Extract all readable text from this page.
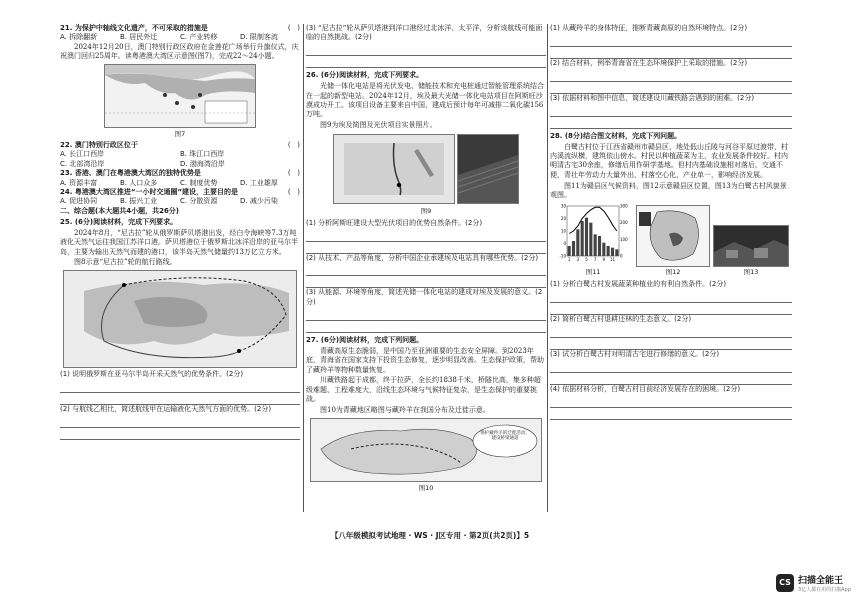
21. 为保护中轴线文化遗产，不可采取的措施是	(   )
A. 拆除翻新	B. 居民外迁	C. 产业转移	D. 限制客流

2024年12月20日，澳门特别行政区政府在金莲花广场举行升旗仪式，庆祝澳门回归25周年。读粤港澳大湾区示意图(图7)，完成22～24小题。

图7
22. 澳门特别行政区位于	(   )
A. 长江口西岸	B. 珠江口西岸
C. 北部湾沿岸	D. 渤海湾沿岸
23. 香港、澳门在粤港澳大湾区的独特优势是	(   )
A. 资源丰富	B. 人口众多	C. 制度优势	D. 工业雄厚
24. 粤港澳大湾区推进“一小时交通圈”建设，主要目的是	(   )
A. 促进协同	B. 振兴工业	C. 分散资源	D. 减少污染

二、综合题(本大题共4小题，共26分)

25. (6分)阅读材料，完成下列要求。

2024年8月，“尼古拉”轮从俄罗斯萨贝塔港出发，经白令海峡等7.3万吨液化天然气运往我国江苏洋口港。萨贝塔港位于俄罗斯北冰洋沿岸的亚马尔半岛，主要为输出天然气而建的港口，该半岛天然气储量约13万亿立方米。

图8示意“尼古拉”轮的航行路线。

(1) 说明俄罗斯在亚马尔半岛开采天然气的优势条件。(2分)

(2) 与航线乙相比，简述航线甲在运输液化天然气方面的优势。(2分)

(3) “尼古拉”轮从萨贝塔港到洋口港经过北冰洋、太平洋，分析该航线可能面临的自然挑战。(2分)

26. (6分)阅读材料，完成下列要求。

光储一体化电站是将光伏发电、储能技术和充电桩通过智能管理系统结合在一起的新型电站。2024年12月，埃及最大光储一体化电站项目在阿斯旺沙漠成功开工。该项目设备主要来自中国，建成后预计每年可减排二氧化碳156万吨。

图9为埃及简图及光伏项目实景照片。

图9

(1) 分析阿斯旺建设大型光伏项目的优势自然条件。(2分)

(2) 从技术、产品等角度，分析中国企业承建埃及电站具有哪些优势。(2分)

(3) 从能源、环境等角度，简述光储一体化电站的建成对埃及发展的意义。(2分)

27. (6分)阅读材料，完成下列问题。

青藏高原生态脆弱，是中国乃至亚洲重要的生态安全屏障。到2023年底，青海省在国家支持下投资生态修复，逐步明显改善。生态保护政策，帮助了藏羚羊等物种数量恢复。

川藏铁路起于成都，终于拉萨，全长约1838千米，桥隧比高，集多种超级难题、工程难度大，沿线生态环境与气候特征复杂，是生态保护的重要挑战。

图10为青藏地区略图与藏羚羊在我国分布及迁徙示意。

保护藏羚羊的迁徙活动，建设桥梁通道
图10

(1) 从藏羚羊的身体特征，推断青藏高原的自然环境特点。(2分)

(2) 结合材料，例举青海省在生态环境保护上采取的措施。(2分)

(3) 依据材料和图中信息，简述建设川藏铁路会遇到的困难。(2分)

28. (8分)结合图文材料，完成下列问题。

白鹭古村位于江西省赣州市赣县区，地处低山丘陵与河谷平原过渡带，村内溪流纵横，建筑依山傍水。村民以种植蔬菜为主，农业发展条件较好。村内明清古宅30余座，修缮后用作研学基地。但村内基础设施相对落后，交通不便，青壮年劳动力大量外出，村落空心化，产业单一，影响经济发展。

图11为赣县区气候资料，图12示意赣县区位置，图13为白鹭古村风貌景观图。

-10
0
10
20
30
0
100
200
300
1 3 5 7 9 11
图11	图12	图13

(1) 分析白鹭古村发展蔬菜种植业的有利自然条件。(2分)

(2) 简析白鹭古村退耕还林的生态意义。(2分)

(3) 试分析白鹭古村对明清古宅进行修缮的意义。(2分)

(4) 依据材料分析，白鹭古村目前经济发展存在的困境。(2分)

【八年级模拟考试地理 · WS · J区专用 · 第2页(共2页)】5
CS 扫描全能王
3亿人都在用的扫描App
